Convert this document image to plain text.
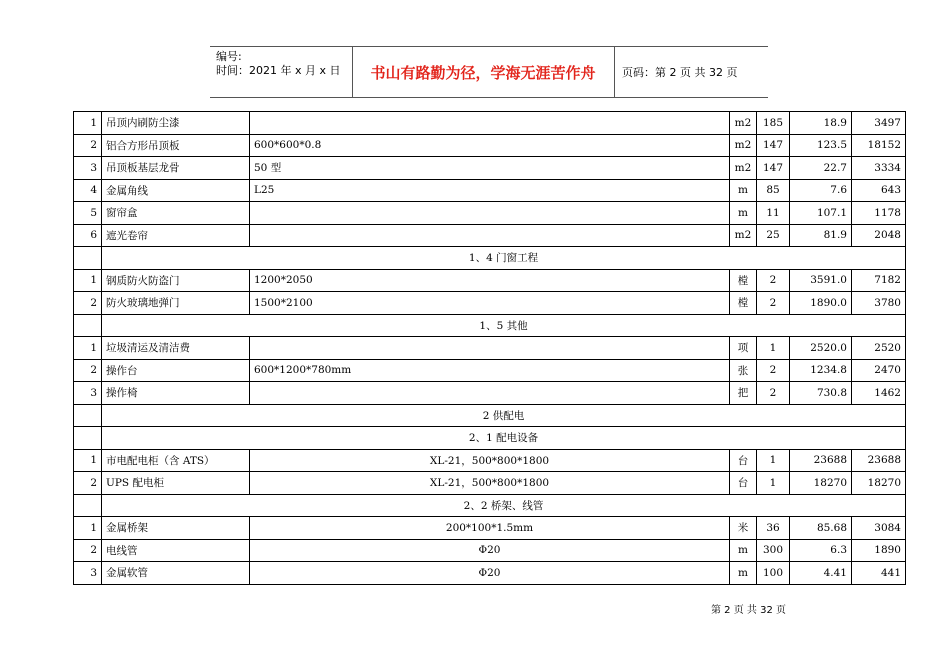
编号:
时间：2021 年 x 月 x 日	书山有路勤为径，学海无涯苦作舟	页码：第 2 页 共 32 页
1	吊顶内刷防尘漆		m2	185	18.9	3497
2	铝合方形吊顶板	600*600*0.8	m2	147	123.5	18152
3	吊顶板基层龙骨	50 型	m2	147	22.7	3334
4	金属角线	L25	m	85	7.6	643
5	窗帘盒		m	11	107.1	1178
6	遮光卷帘		m2	25	81.9	2048
	1、4 门窗工程					
1	钢质防火防盗门	1200*2050	樘	2	3591.0	7182
2	防火玻璃地弹门	1500*2100	樘	2	1890.0	3780
	1、5 其他					
1	垃圾清运及清洁费		项	1	2520.0	2520
2	操作台	600*1200*780mm	张	2	1234.8	2470
3	操作椅		把	2	730.8	1462
	2 供配电					
	2、1 配电设备					
1	市电配电柜（含 ATS）	XL-21，500*800*1800	台	1	23688	23688
2	UPS 配电柜	XL-21，500*800*1800	台	1	18270	18270
	2、2 桥架、线管					
1	金属桥架	200*100*1.5mm	米	36	85.68	3084
2	电线管	Φ20	m	300	6.3	1890
3	金属软管	Φ20	m	100	4.41	441
第 2 页 共 32 页
